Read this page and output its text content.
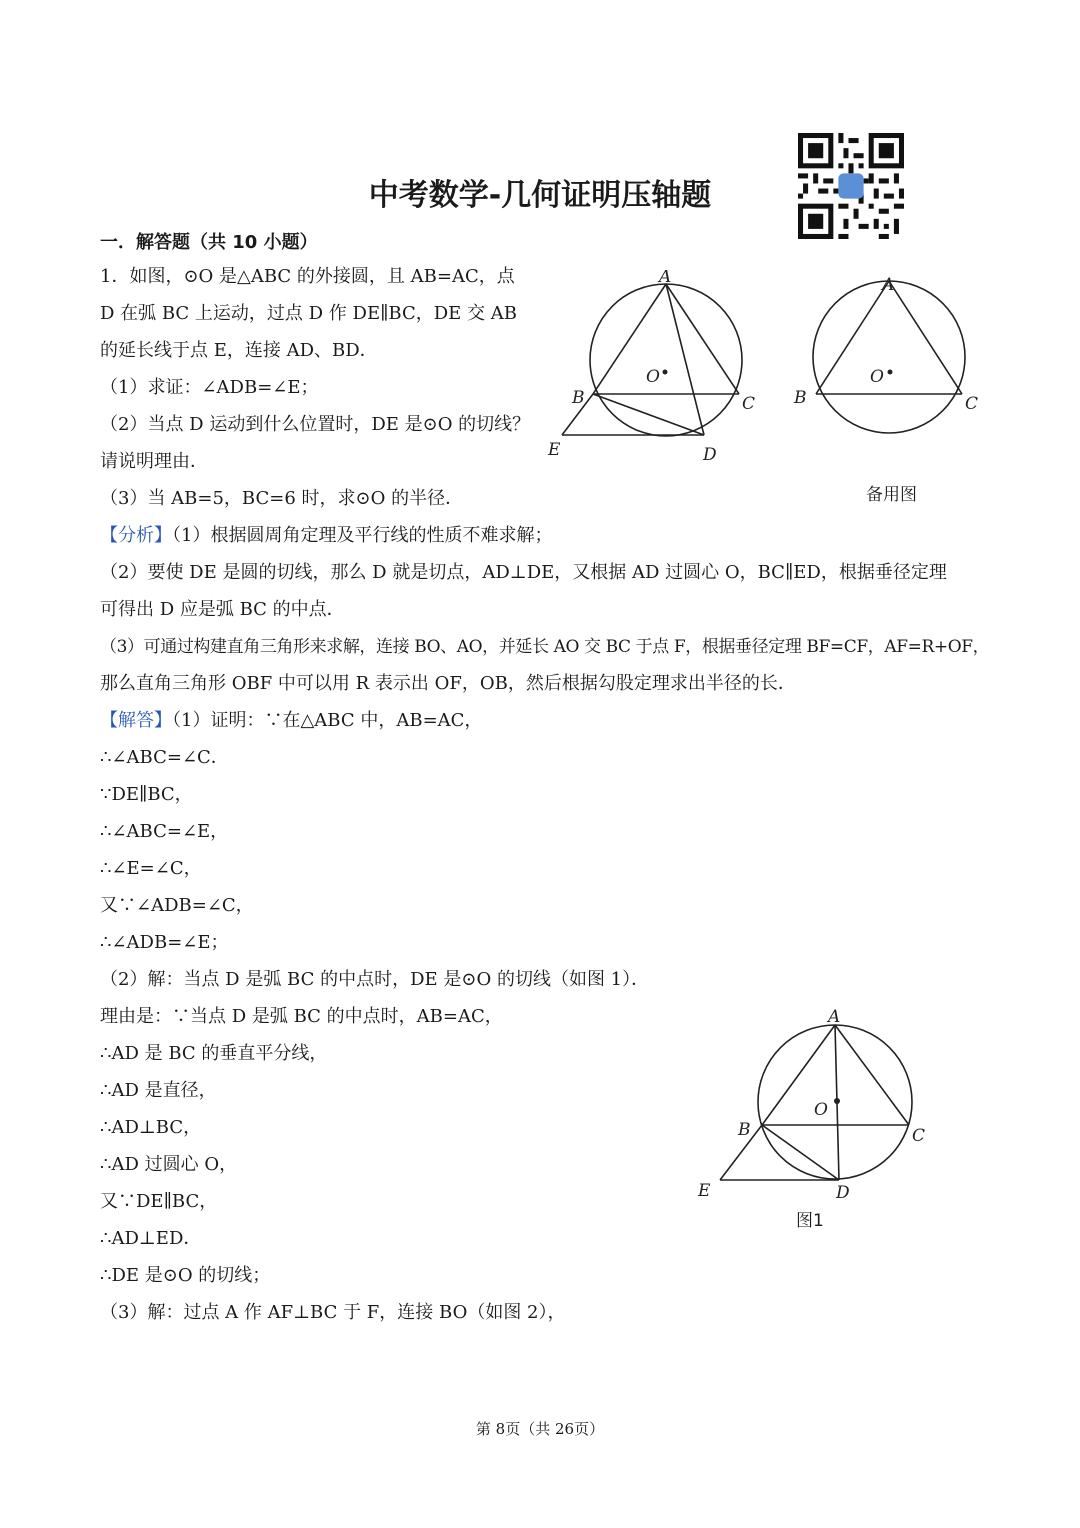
中考数学-几何证明压轴题
一．解答题（共 10 小题）
1．如图，⊙O 是△ABC 的外接圆，且 AB=AC，点
D 在弧 BC 上运动，过点 D 作 DE∥BC，DE 交 AB
的延长线于点 E，连接 AD、BD．
（1）求证：∠ADB=∠E；
（2）当点 D 运动到什么位置时，DE 是⊙O 的切线？
请说明理由．
（3）当 AB=5，BC=6 时，求⊙O 的半径．
【分析】（1）根据圆周角定理及平行线的性质不难求解；
（2）要使 DE 是圆的切线，那么 D 就是切点，AD⊥DE，又根据 AD 过圆心 O，BC∥ED，根据垂径定理
可得出 D 应是弧 BC 的中点．
（3）可通过构建直角三角形来求解，连接 BO、AO，并延长 AO 交 BC 于点 F，根据垂径定理 BF=CF，AF=R+OF，
那么直角三角形 OBF 中可以用 R 表示出 OF，OB，然后根据勾股定理求出半径的长．
【解答】（1）证明：∵在△ABC 中，AB=AC，
∴∠ABC=∠C．
∵DE∥BC，
∴∠ABC=∠E，
∴∠E=∠C，
又∵∠ADB=∠C，
∴∠ADB=∠E；
（2）解：当点 D 是弧 BC 的中点时，DE 是⊙O 的切线（如图 1）．
理由是：∵当点 D 是弧 BC 的中点时，AB=AC，
∴AD 是 BC 的垂直平分线，
∴AD 是直径，
∴AD⊥BC，
∴AD 过圆心 O，
又∵DE∥BC，
∴AD⊥ED．
∴DE 是⊙O 的切线；
（3）解：过点 A 作 AF⊥BC 于 F，连接 BO（如图 2），
A
B	C
D
E
O
A
B	C
O
备用图
A
B	C
D
E
O
图1
第 8页（共 26页）
